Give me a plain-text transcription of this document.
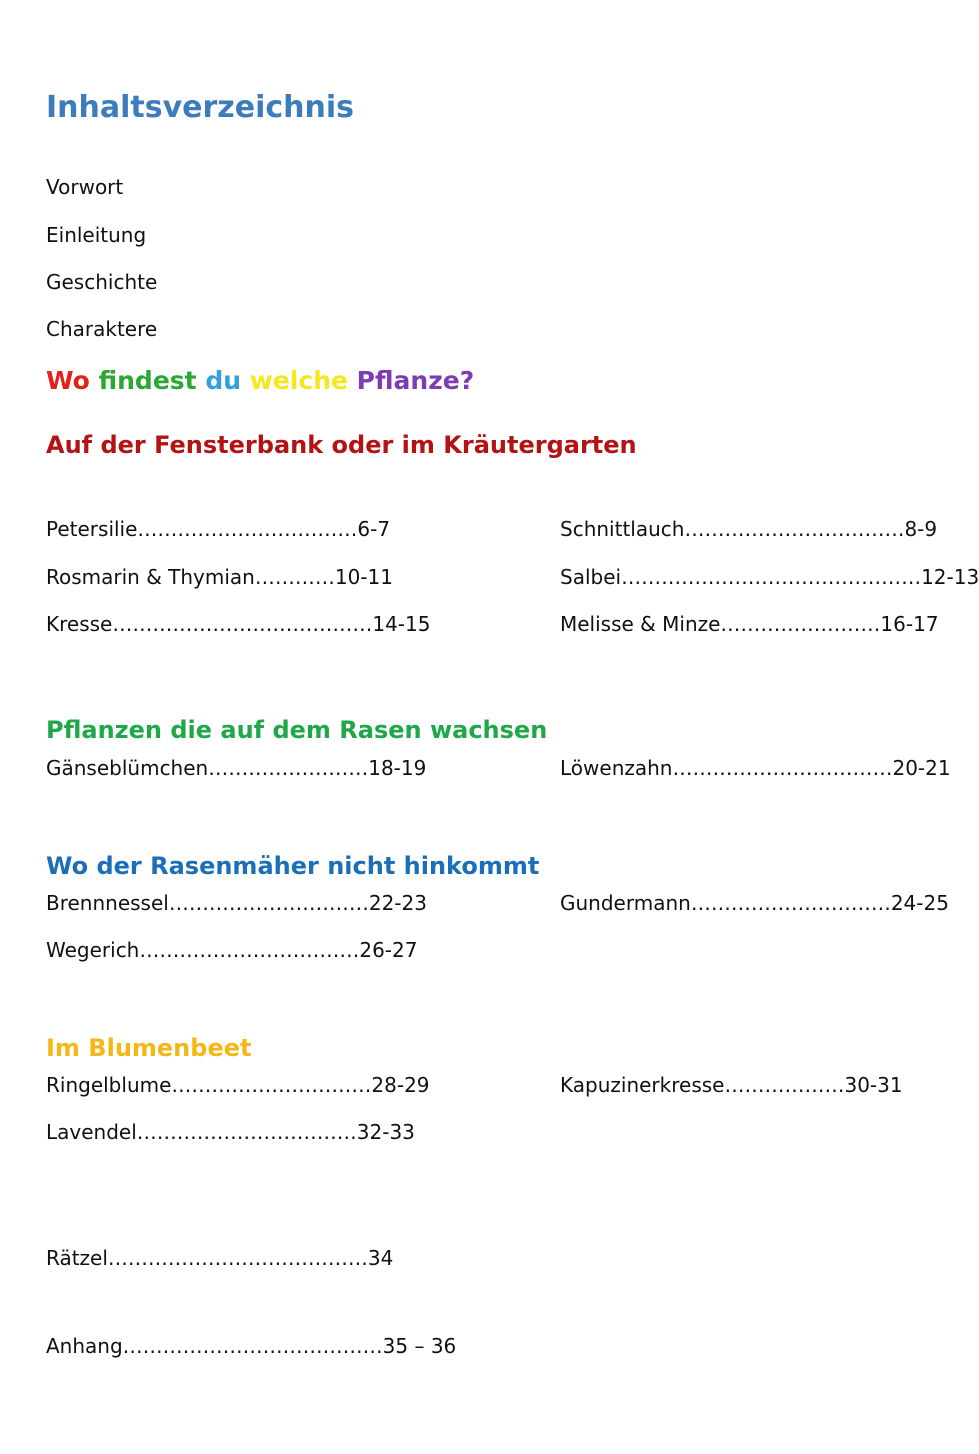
Inhaltsverzeichnis
Vorwort
Einleitung
Geschichte
Charaktere
Wo findest du welche Pflanze?
Auf der Fensterbank oder im Kräutergarten
Petersilie……………………………6-7
Rosmarin & Thymian…………10-11
Kresse…………………………………14-15
Schnittlauch……………………………8-9
Salbei………………………………………12-13
Melisse & Minze……………………16-17
Pflanzen die auf dem Rasen wachsen
Gänseblümchen……………………18-19	Löwenzahn……………………………20-21
Wo der Rasenmäher nicht hinkommt
Brennnessel…………………………22-23
Wegerich……………………………26-27
Gundermann…………………………24-25
Im Blumenbeet
Ringelblume…………………………28-29
Lavendel……………………………32-33
Kapuzinerkresse………………30-31
Rätzel…………………………………34
Anhang…………………………………35 – 36
